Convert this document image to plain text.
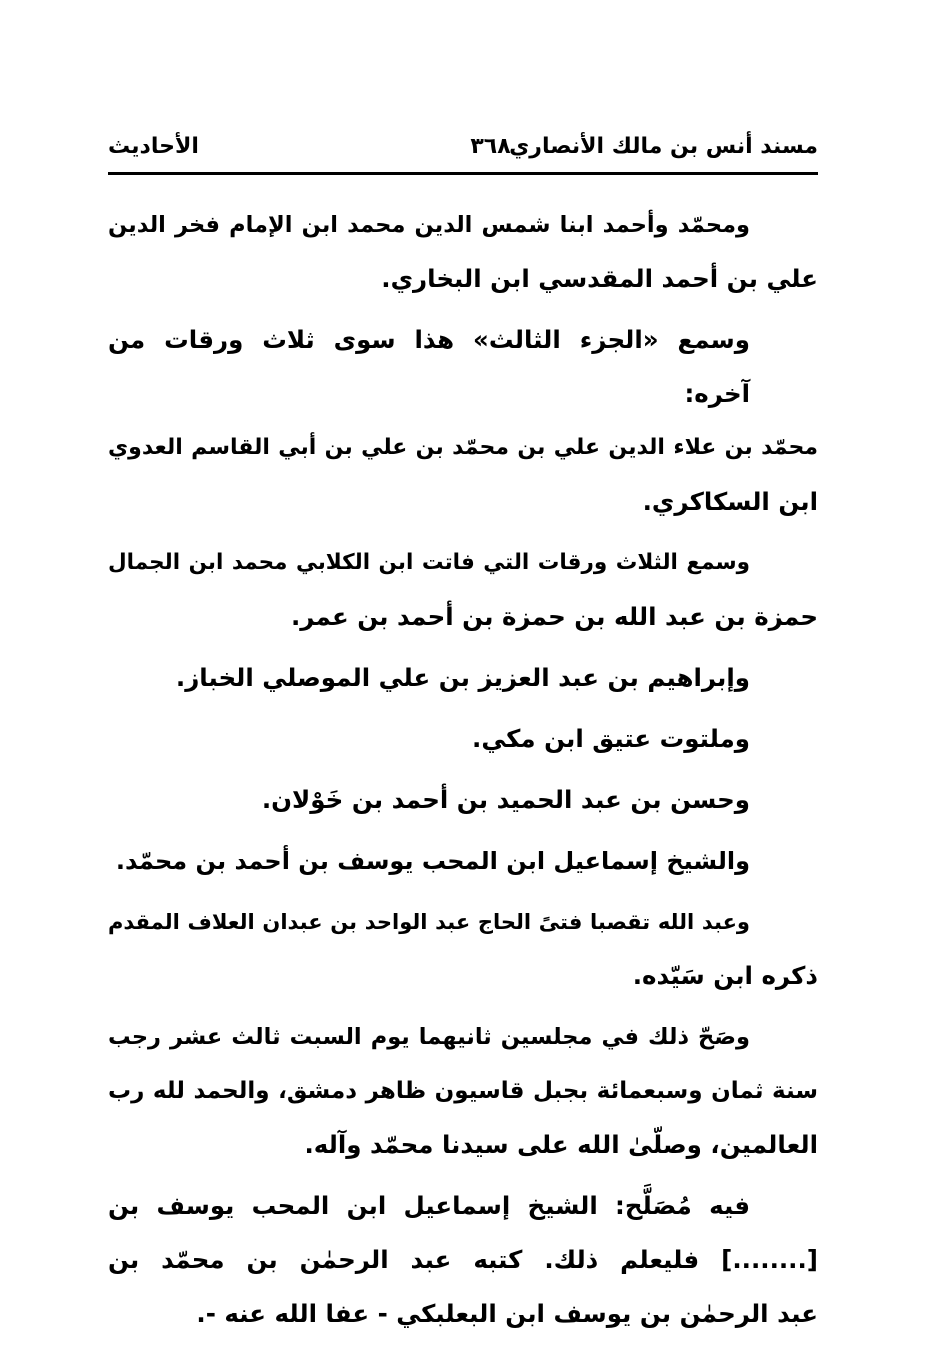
الأحاديث	٣٦٨
مسند أنس بن مالك الأنصاري

ومحمّد وأحمد ابنا شمس الدين محمد ابن الإمام فخر الدين
علي بن أحمد المقدسي ابن البخاري.

وسمع «الجزء الثالث» هذا سوى ثلاث ورقات من آخره:
محمّد بن علاء الدين علي بن محمّد بن علي بن أبي القاسم العدوي
ابن السكاكري.

وسمع الثلاث ورقات التي فاتت ابن الكلابي محمد ابن الجمال
حمزة بن عبد الله بن حمزة بن أحمد بن عمر.

وإبراهيم بن عبد العزيز بن علي الموصلي الخباز.

وملتوت عتيق ابن مكي.

وحسن بن عبد الحميد بن أحمد بن خَوْلان.

والشيخ إسماعيل ابن المحب يوسف بن أحمد بن محمّد.

وعبد الله تقصبا فتىً الحاج عبد الواحد بن عبدان العلاف المقدم
ذكره ابن سَيّده.

وصَحّ ذلك في مجلسين ثانيهما يوم السبت ثالث عشر رجب
سنة ثمان وسبعمائة بجبل قاسيون ظاهر دمشق، والحمد لله رب
العالمين، وصلّىٰ الله على سيدنا محمّد وآله.

فيه مُصَلَّح: الشيخ إسماعيل ابن المحب يوسف بن
[........] فليعلم ذلك. كتبه عبد الرحمٰن بن محمّد بن
عبد الرحمٰن بن يوسف ابن البعلبكي - عفا الله عنه -.
